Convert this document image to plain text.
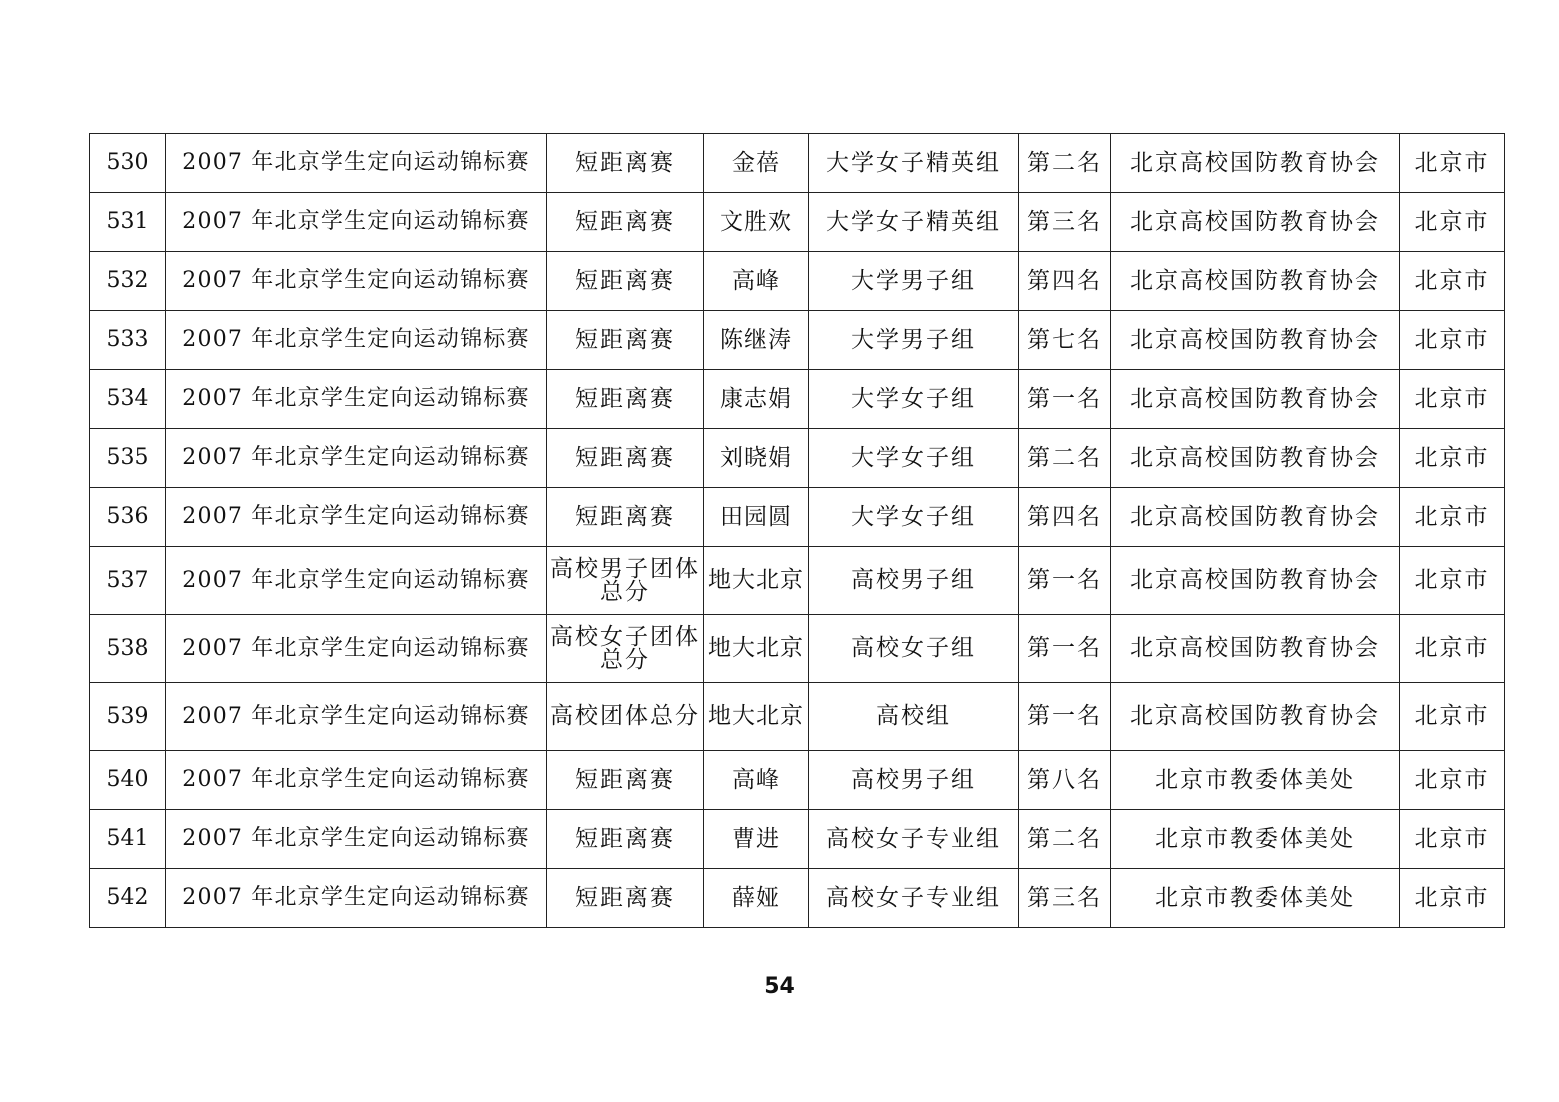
530	2007 年北京学生定向运动锦标赛	短距离赛	金蓓	大学女子精英组	第二名	北京高校国防教育协会	北京市
531	2007 年北京学生定向运动锦标赛	短距离赛	文胜欢	大学女子精英组	第三名	北京高校国防教育协会	北京市
532	2007 年北京学生定向运动锦标赛	短距离赛	高峰	大学男子组	第四名	北京高校国防教育协会	北京市
533	2007 年北京学生定向运动锦标赛	短距离赛	陈继涛	大学男子组	第七名	北京高校国防教育协会	北京市
534	2007 年北京学生定向运动锦标赛	短距离赛	康志娟	大学女子组	第一名	北京高校国防教育协会	北京市
535	2007 年北京学生定向运动锦标赛	短距离赛	刘晓娟	大学女子组	第二名	北京高校国防教育协会	北京市
536	2007 年北京学生定向运动锦标赛	短距离赛	田园圆	大学女子组	第四名	北京高校国防教育协会	北京市
537	2007 年北京学生定向运动锦标赛	高校男子团体总分	地大北京	高校男子组	第一名	北京高校国防教育协会	北京市
538	2007 年北京学生定向运动锦标赛	高校女子团体总分	地大北京	高校女子组	第一名	北京高校国防教育协会	北京市
539	2007 年北京学生定向运动锦标赛	高校团体总分	地大北京	高校组	第一名	北京高校国防教育协会	北京市
540	2007 年北京学生定向运动锦标赛	短距离赛	高峰	高校男子组	第八名	北京市教委体美处	北京市
541	2007 年北京学生定向运动锦标赛	短距离赛	曹进	高校女子专业组	第二名	北京市教委体美处	北京市
542	2007 年北京学生定向运动锦标赛	短距离赛	薛娅	高校女子专业组	第三名	北京市教委体美处	北京市
54
